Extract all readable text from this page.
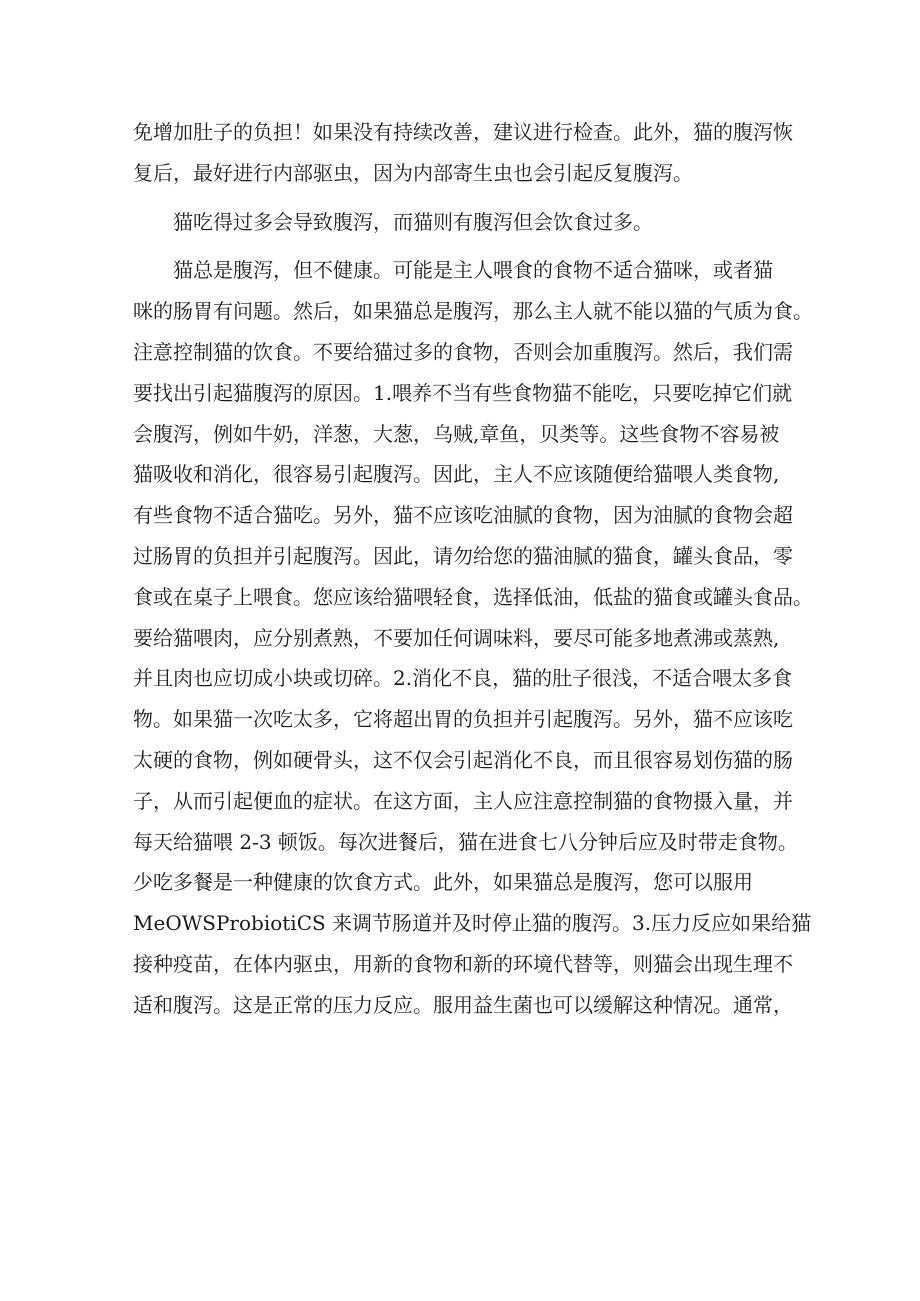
免增加肚子的负担！如果没有持续改善，建议进行检查。此外，猫的腹泻恢
复后，最好进行内部驱虫，因为内部寄生虫也会引起反复腹泻。

猫吃得过多会导致腹泻，而猫则有腹泻但会饮食过多。

猫总是腹泻，但不健康。可能是主人喂食的食物不适合猫咪，或者猫
咪的肠胃有问题。然后，如果猫总是腹泻，那么主人就不能以猫的气质为食。
注意控制猫的饮食。不要给猫过多的食物，否则会加重腹泻。然后，我们需
要找出引起猫腹泻的原因。1.喂养不当有些食物猫不能吃，只要吃掉它们就
会腹泻，例如牛奶，洋葱，大葱，乌贼,章鱼，贝类等。这些食物不容易被
猫吸收和消化，很容易引起腹泻。因此，主人不应该随便给猫喂人类食物,
有些食物不适合猫吃。另外，猫不应该吃油腻的食物，因为油腻的食物会超
过肠胃的负担并引起腹泻。因此，请勿给您的猫油腻的猫食，罐头食品，零
食或在桌子上喂食。您应该给猫喂轻食，选择低油，低盐的猫食或罐头食品。
要给猫喂肉，应分别煮熟，不要加任何调味料，要尽可能多地煮沸或蒸熟,
并且肉也应切成小块或切碎。2.消化不良，猫的肚子很浅，不适合喂太多食
物。如果猫一次吃太多，它将超出胃的负担并引起腹泻。另外，猫不应该吃
太硬的食物，例如硬骨头，这不仅会引起消化不良，而且很容易划伤猫的肠
子，从而引起便血的症状。在这方面，主人应注意控制猫的食物摄入量，并
每天给猫喂 2-3 顿饭。每次进餐后，猫在进食七八分钟后应及时带走食物。
少吃多餐是一种健康的饮食方式。此外，如果猫总是腹泻，您可以服用
MeOWSProbiotiCS 来调节肠道并及时停止猫的腹泻。3.压力反应如果给猫
接种疫苗，在体内驱虫，用新的食物和新的环境代替等，则猫会出现生理不
适和腹泻。这是正常的压力反应。服用益生菌也可以缓解这种情况。通常，
